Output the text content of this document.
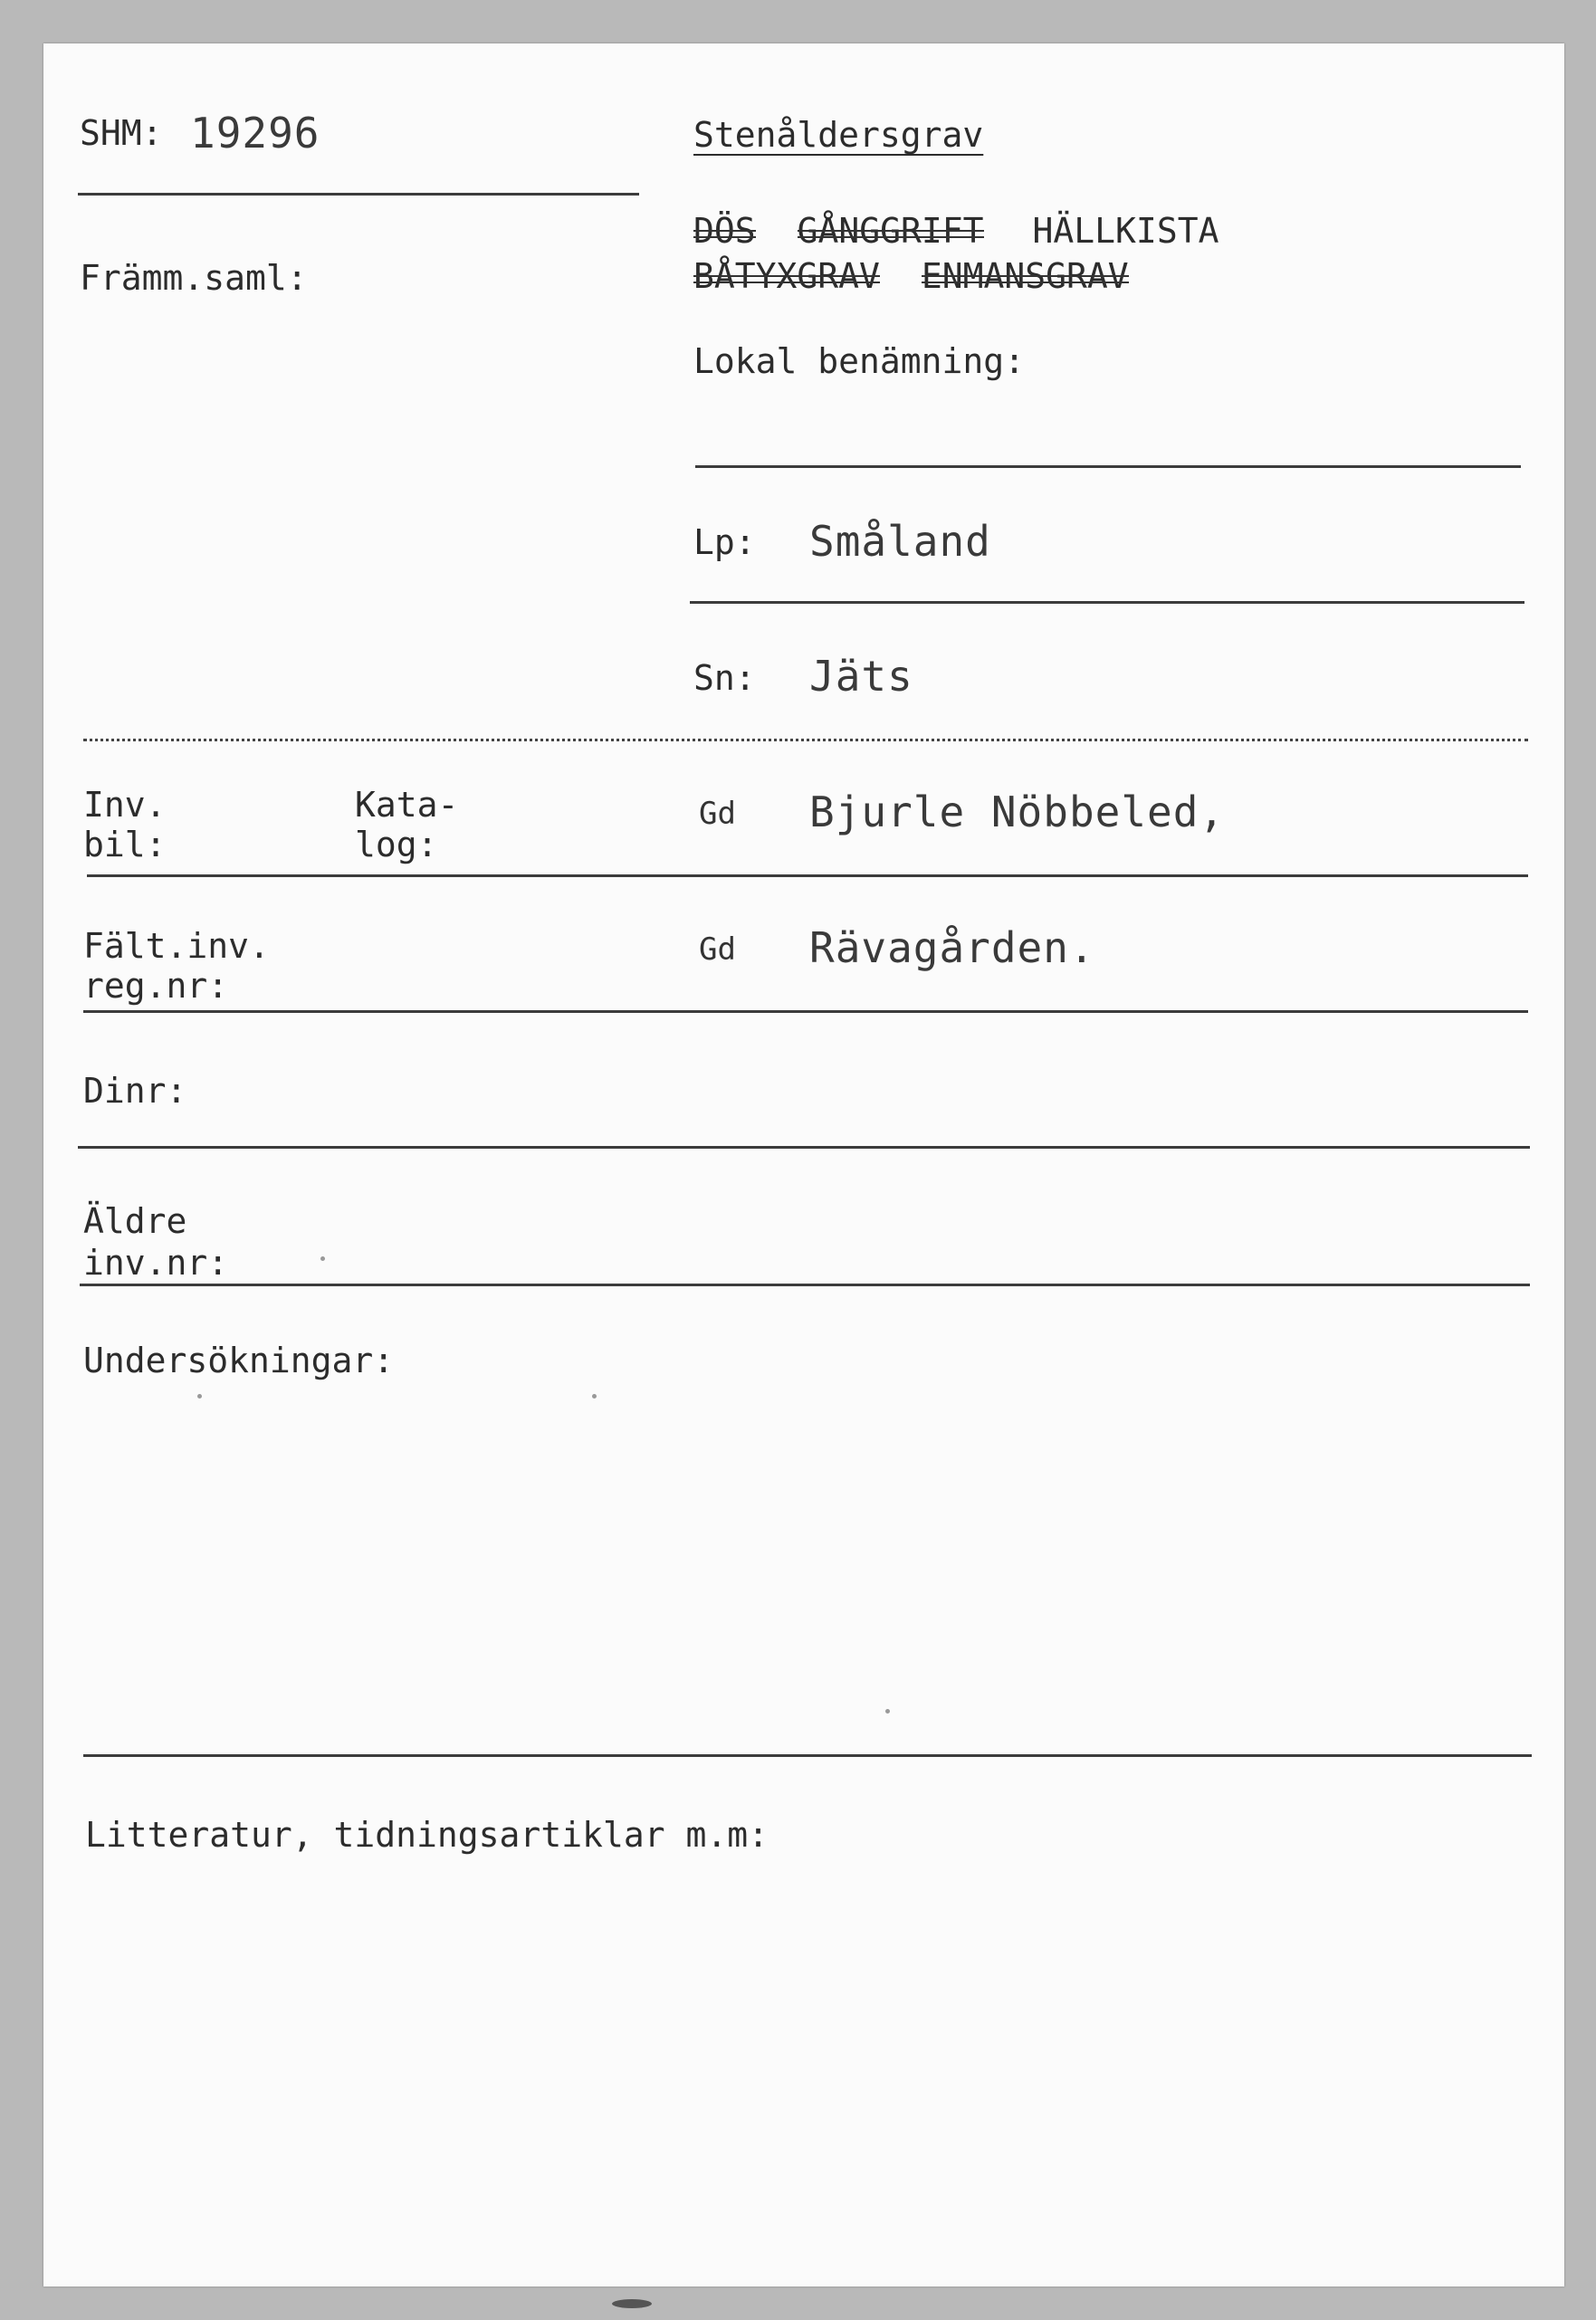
SHM: 19296
Främm.saml:
Stenåldersgrav
DÖS GÅNGGRIFT HÄLLKISTA
BÅTYXGRAV ENMANSGRAV
Lokal benämning:
Lp: Småland
Sn: Jäts
Inv.
bil:
Kata-
log:
Gd Bjurle Nöbbeled,
Fält.inv.
reg.nr:
Gd Rävagården.
Dinr:
Äldre
inv.nr:
Undersökningar:
Litteratur, tidningsartiklar m.m:
